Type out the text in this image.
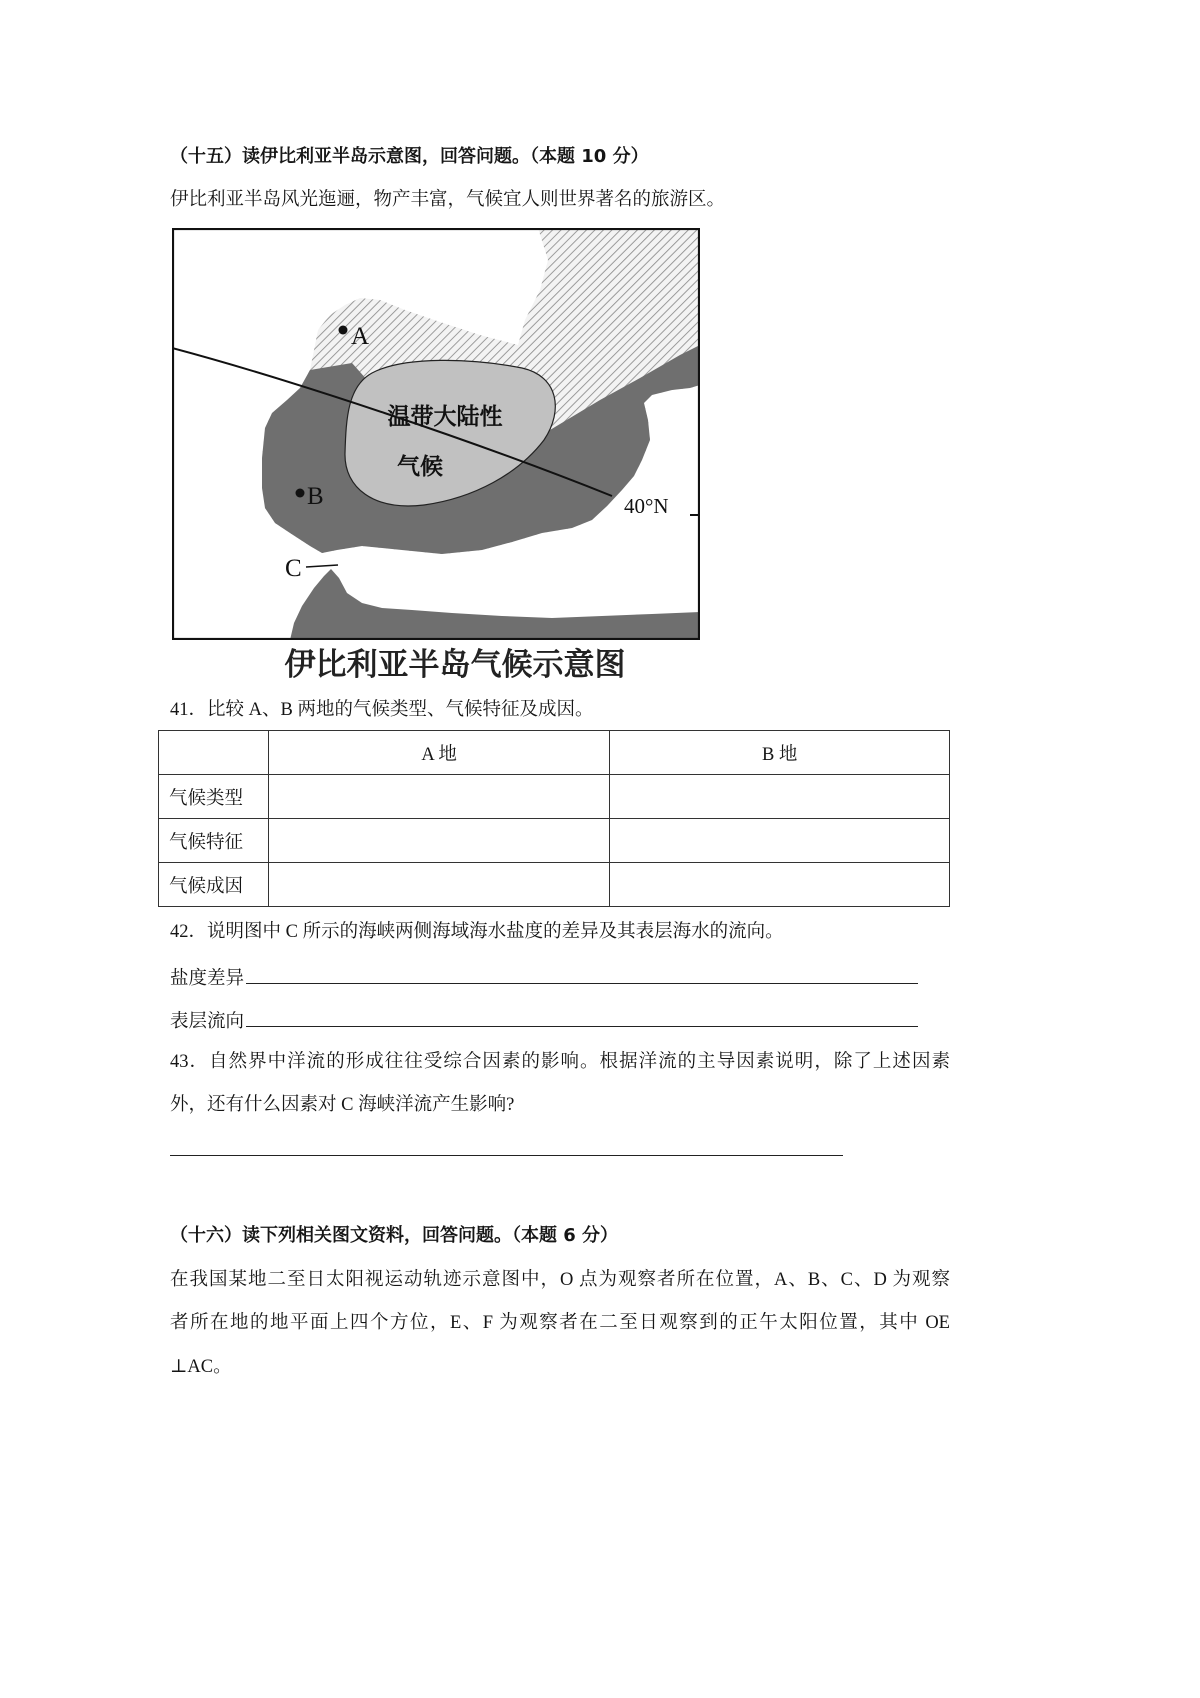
（十五）读伊比利亚半岛示意图，回答问题。（本题 10 分）
伊比利亚半岛风光迤逦，物产丰富，气候宜人则世界著名的旅游区。
温带大陆性
气候
A
B
C
40°N
伊比利亚半岛气候示意图
41．比较 A、B 两地的气候类型、气候特征及成因。
	A 地	B 地
气候类型		
气候特征		
气候成因		
42．说明图中 C 所示的海峡两侧海域海水盐度的差异及其表层海水的流向。
盐度差异
表层流向
43．自然界中洋流的形成往往受综合因素的影响。根据洋流的主导因素说明，除了上述因素
外，还有什么因素对 C 海峡洋流产生影响?
（十六）读下列相关图文资料，回答问题。（本题 6 分）
在我国某地二至日太阳视运动轨迹示意图中，O 点为观察者所在位置，A、B、C、D 为观察
者所在地的地平面上四个方位，E、F 为观察者在二至日观察到的正午太阳位置，其中 OE
⊥AC。
